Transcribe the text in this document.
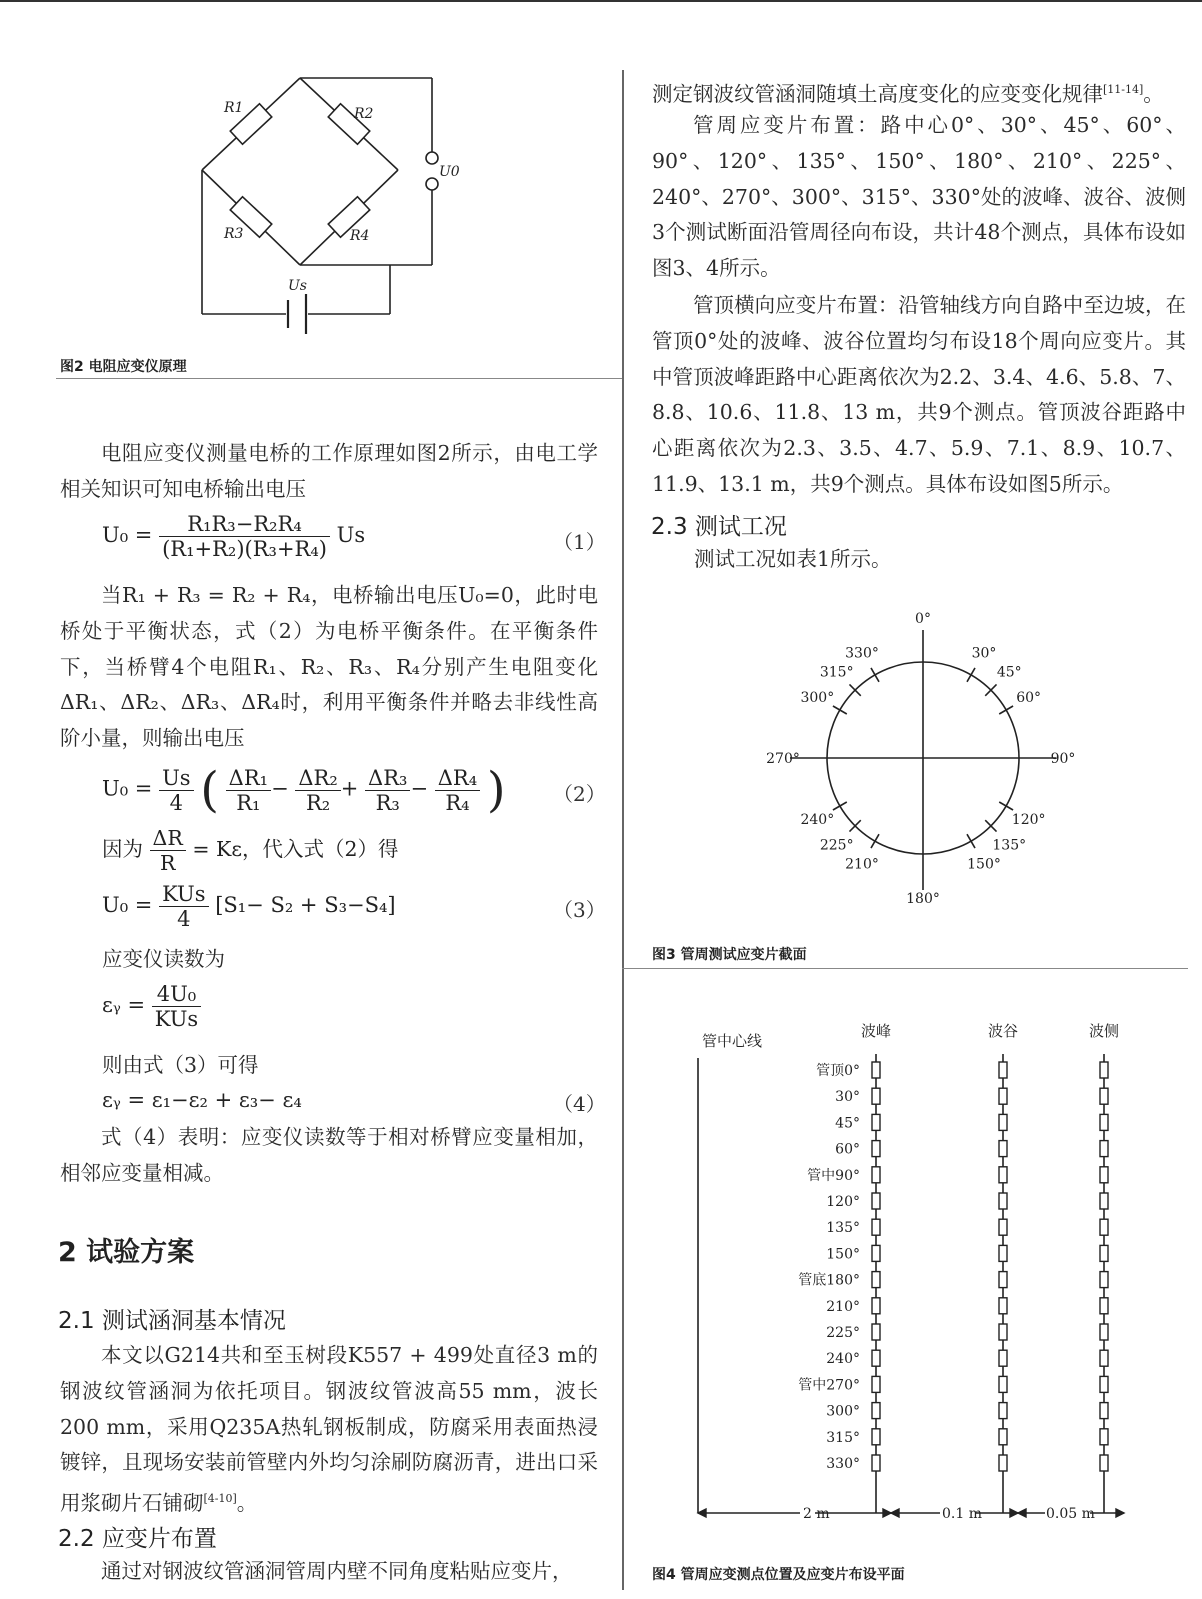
R1	R2
R3	R4
U0
Us
图2 电阻应变仪原理
电阻应变仪测量电桥的工作原理如图2所示，由电工学相关知识可知电桥输出电压
$U_0 = \frac{\text{R₁R₃−R₂R₄}}{\text{(R₁+R₂)(R₃+R₄)}}$ Us	（1）
当R₁ + R₃ = R₂ + R₄，电桥输出电压U₀=0，此时电桥处于平衡状态，式（2）为电桥平衡条件。在平衡条件下，当桥臂4个电阻R₁、R₂、R₃、R₄分别产生电阻变化ΔR₁、ΔR₂、ΔR₃、ΔR₄时，利用平衡条件并略去非线性高阶小量，则输出电压
$U_0 = \frac{Us}{4}$ ( $\frac{\text{ΔR₁}}{\text{R₁}} - \frac{\text{ΔR₂}}{\text{R₂}} + \frac{\text{ΔR₃}}{\text{R₃}} - \frac{\text{ΔR₄}}{\text{R₄}}$ ) （2）
因为 $\frac{\Delta R}{R} = K\varepsilon$，代入式（2）得
$U_0 = \frac{\text{KUs}}{4} [S_1- S_2 + S_3-S_4]$	（3）
应变仪读数为
εᵧ = $\frac{\text{4U₀}}{\text{KUs}}$
则由式（3）可得
εᵧ = ε₁−ε₂ + ε₃− ε₄	（4）
式（4）表明：应变仪读数等于相对桥臂应变量相加，相邻应变量相减。
2 试验方案
2.1 测试涵洞基本情况
本文以G214共和至玉树段K557 + 499处直径3 m的钢波纹管涵洞为依托项目。钢波纹管波高55 mm，波长200 mm，采用Q235A热轧钢板制成，防腐采用表面热浸镀锌，且现场安装前管壁内外均匀涂刷防腐沥青，进出口采用浆砌片石铺砌[4-10]。
2.2 应变片布置
通过对钢波纹管涵洞管周内壁不同角度粘贴应变片，
测定钢波纹管涵洞随填土高度变化的应变变化规律[11-14]。
管周应变片布置：路中心0°、30°、45°、60°、90°、120°、135°、150°、180°、210°、225°、240°、270°、300°、315°、330°处的波峰、波谷、波侧3个测试断面沿管周径向布设，共计48个测点，具体布设如图3、4所示。
管顶横向应变片布置：沿管轴线方向自路中至边坡，在管顶0°处的波峰、波谷位置均匀布设18个周向应变片。其中管顶波峰距路中心距离依次为2.2、3.4、4.6、5.8、7、8.8、10.6、11.8、13 m，共9个测点。管顶波谷距路中心距离依次为2.3、3.5、4.7、5.9、7.1、8.9、10.7、11.9、13.1 m，共9个测点。具体布设如图5所示。
2.3 测试工况
测试工况如表1所示。
0°
30°
45°
60°
90°
120°
135°
150°
180°
210°
225°
240°
270°
300°
315°
330°
图3 管周测试应变片截面
管中心线
波峰	波谷	波侧
管顶0°
30°
45°
60°
管中90°
120°
135°
150°
管底180°
210°
225°
240°
管中270°
300°
315°
330°
2 m	0.1 m	0.05 m
图4 管周应变测点位置及应变片布设平面
